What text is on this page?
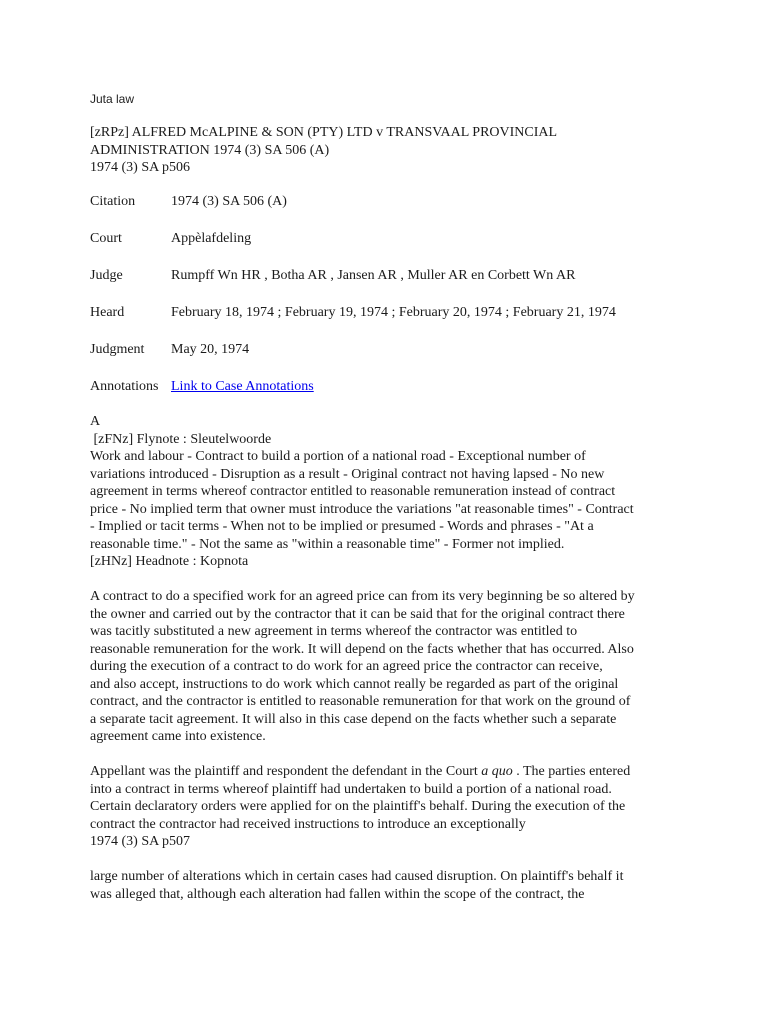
Juta law
[zRPz] ALFRED McALPINE & SON (PTY) LTD v TRANSVAAL PROVINCIAL
ADMINISTRATION 1974 (3) SA 506 (A)
1974 (3) SA p506
Citation	1974 (3) SA 506 (A)
Court	Appèlafdeling
Judge	Rumpff Wn HR , Botha AR , Jansen AR , Muller AR en Corbett Wn AR
Heard	February 18, 1974 ; February 19, 1974 ; February 20, 1974 ; February 21, 1974
Judgment	May 20, 1974
Annotations Link to Case Annotations
A
[zFNz] Flynote : Sleutelwoorde
Work and labour - Contract to build a portion of a national road - Exceptional number of
variations introduced - Disruption as a result - Original contract not having lapsed - No new
agreement in terms whereof contractor entitled to reasonable remuneration instead of contract
price - No implied term that owner must introduce the variations "at reasonable times" - Contract
- Implied or tacit terms - When not to be implied or presumed - Words and phrases - "At a
reasonable time." - Not the same as "within a reasonable time" - Former not implied.
[zHNz] Headnote : Kopnota
A contract to do a specified work for an agreed price can from its very beginning be so altered by
the owner and carried out by the contractor that it can be said that for the original contract there
was tacitly substituted a new agreement in terms whereof the contractor was entitled to
reasonable remuneration for the work. It will depend on the facts whether that has occurred. Also
during the execution of a contract to do work for an agreed price the contractor can receive,
and also accept, instructions to do work which cannot really be regarded as part of the original
contract, and the contractor is entitled to reasonable remuneration for that work on the ground of
a separate tacit agreement. It will also in this case depend on the facts whether such a separate
agreement came into existence.
Appellant was the plaintiff and respondent the defendant in the Court a quo . The parties entered
into a contract in terms whereof plaintiff had undertaken to build a portion of a national road.
Certain declaratory orders were applied for on the plaintiff's behalf. During the execution of the
contract the contractor had received instructions to introduce an exceptionally
1974 (3) SA p507
large number of alterations which in certain cases had caused disruption. On plaintiff's behalf it
was alleged that, although each alteration had fallen within the scope of the contract, the
